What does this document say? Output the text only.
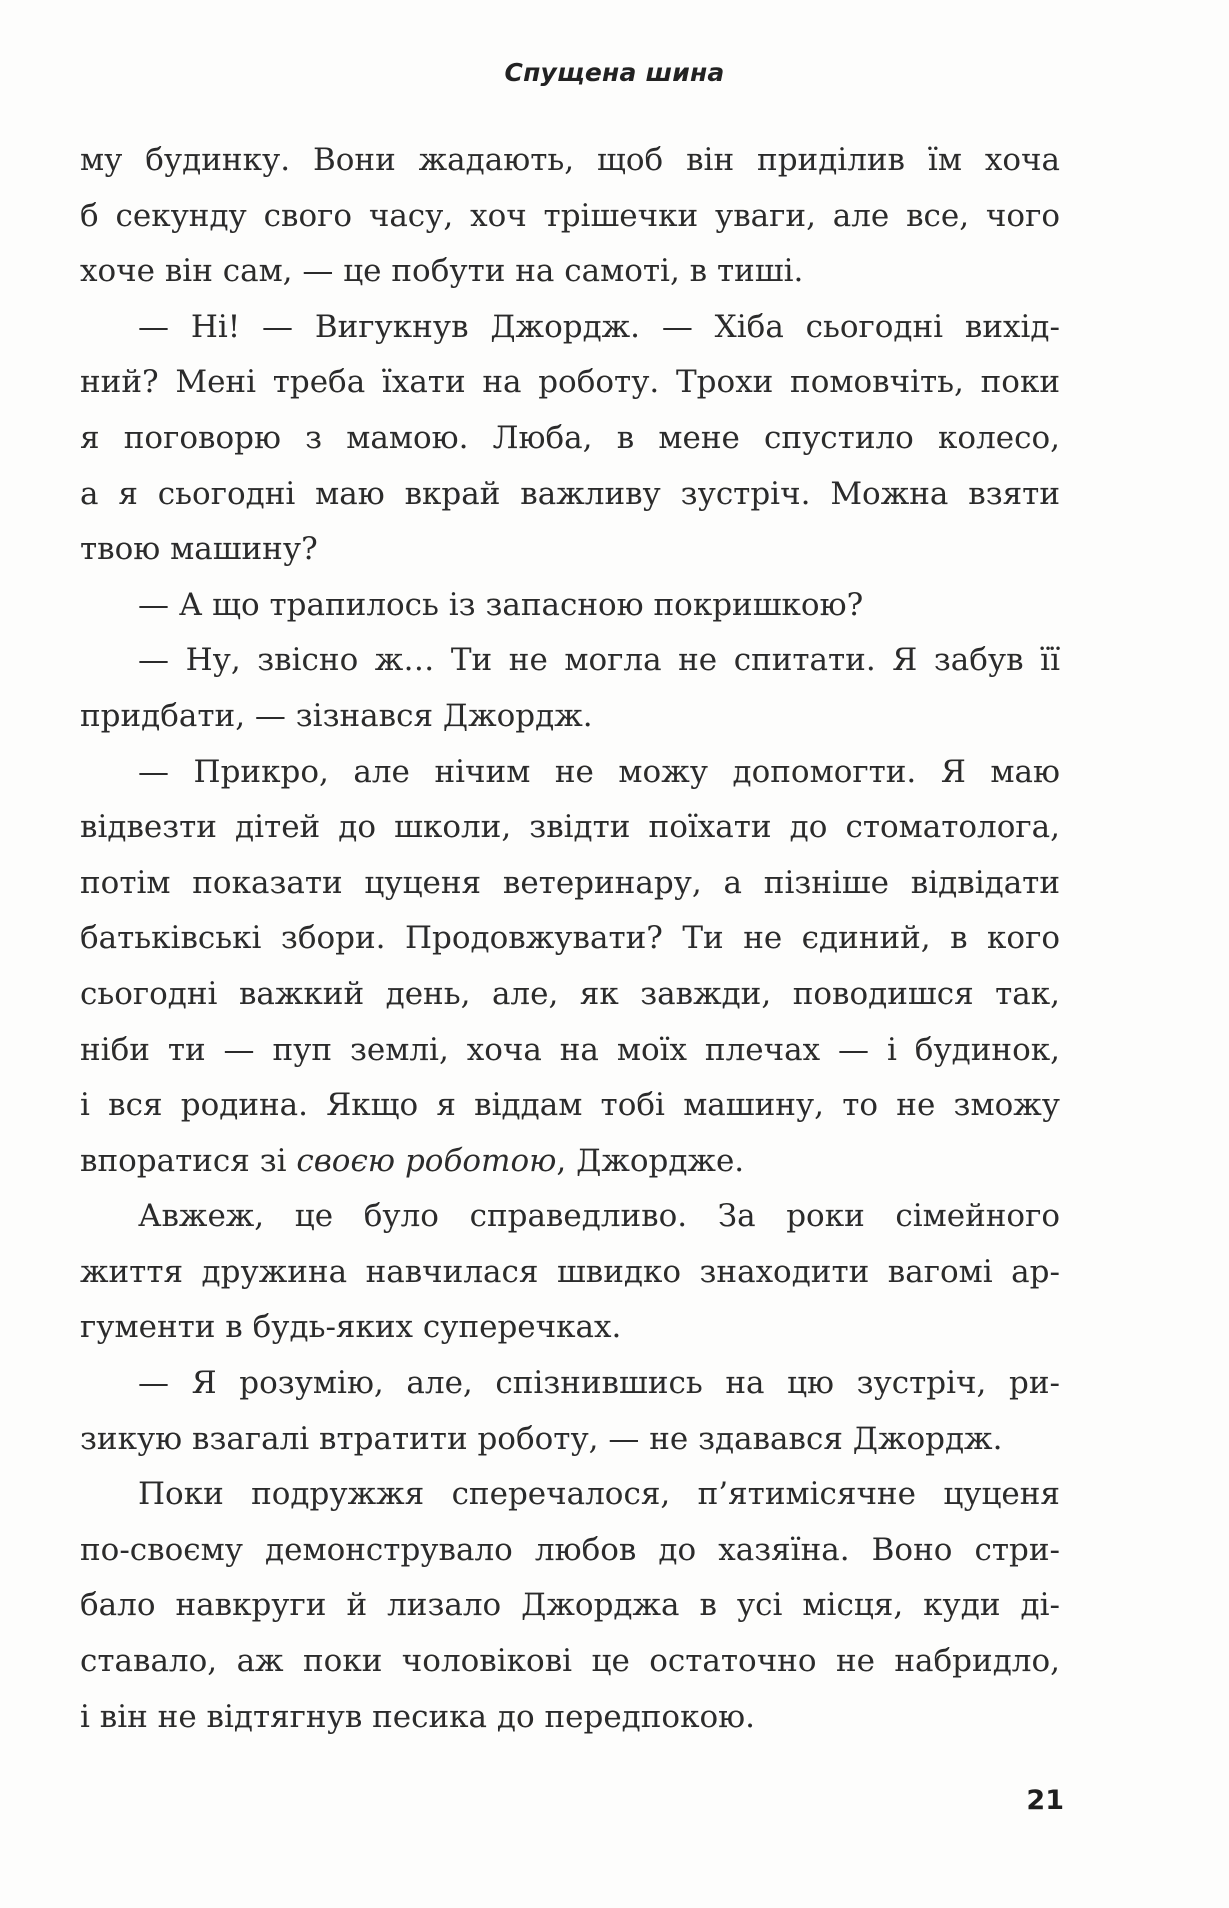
Спущена шина
му будинку. Вони жадають, щоб він приділив їм хоча
б секунду свого часу, хоч трішечки уваги, але все, чого
хоче він сам, — це побути на самоті, в тиші.
— Ні! — Вигукнув Джордж. — Хіба сьогодні вихід-
ний? Мені треба їхати на роботу. Трохи помовчіть, поки
я поговорю з мамою. Люба, в мене спустило колесо,
а я сьогодні маю вкрай важливу зустріч. Можна взяти
твою машину?
— А що трапилось із запасною покришкою?
— Ну, звісно ж… Ти не могла не спитати. Я забув її
придбати, — зізнався Джордж.
— Прикро, але нічим не можу допомогти. Я маю
відвезти дітей до школи, звідти поїхати до стоматолога,
потім показати цуценя ветеринару, а пізніше відвідати
батьківські збори. Продовжувати? Ти не єдиний, в кого
сьогодні важкий день, але, як завжди, поводишся так,
ніби ти — пуп землі, хоча на моїх плечах — і будинок,
і вся родина. Якщо я віддам тобі машину, то не зможу
впоратися зі своєю роботою, Джордже.
Авжеж, це було справедливо. За роки сімейного
життя дружина навчилася швидко знаходити вагомі ар-
гументи в будь-яких суперечках.
— Я розумію, але, спізнившись на цю зустріч, ри-
зикую взагалі втратити роботу, — не здавався Джордж.
Поки подружжя сперечалося, п’ятимісячне цуценя
по-своєму демонструвало любов до хазяїна. Воно стри-
бало навкруги й лизало Джорджа в усі місця, куди ді-
ставало, аж поки чоловікові це остаточно не набридло,
і він не відтягнув песика до передпокою.
21
